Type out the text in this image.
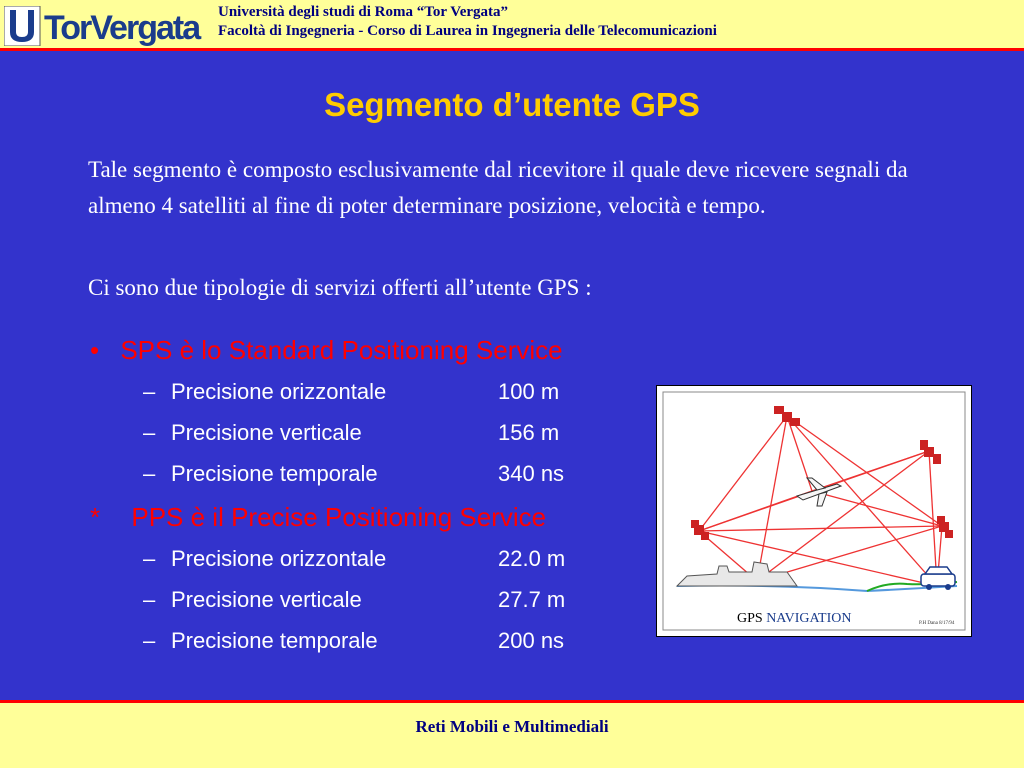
TorVergata Università degli studi di Roma “Tor Vergata”
Facoltà di Ingegneria - Corso di Laurea in Ingegneria delle Telecomunicazioni
Segmento d’utente GPS

Tale segmento è composto esclusivamente dal ricevitore il quale deve ricevere segnali da almeno 4 satelliti al fine di poter determinare posizione, velocità e tempo.

Ci sono due tipologie di servizi offerti all’utente GPS :

• SPS è lo Standard Positioning Service
– Precisione orizzontale	100 m
– Precisione verticale	156 m
– Precisione temporale	340 ns
* PPS è il Precise Positioning Service
– Precisione orizzontale	22.0 m
– Precisione verticale	27.7 m
– Precisione temporale	200 ns
GPS NAVIGATION	P.H Dana 8/17/94
Reti Mobili e Multimediali
